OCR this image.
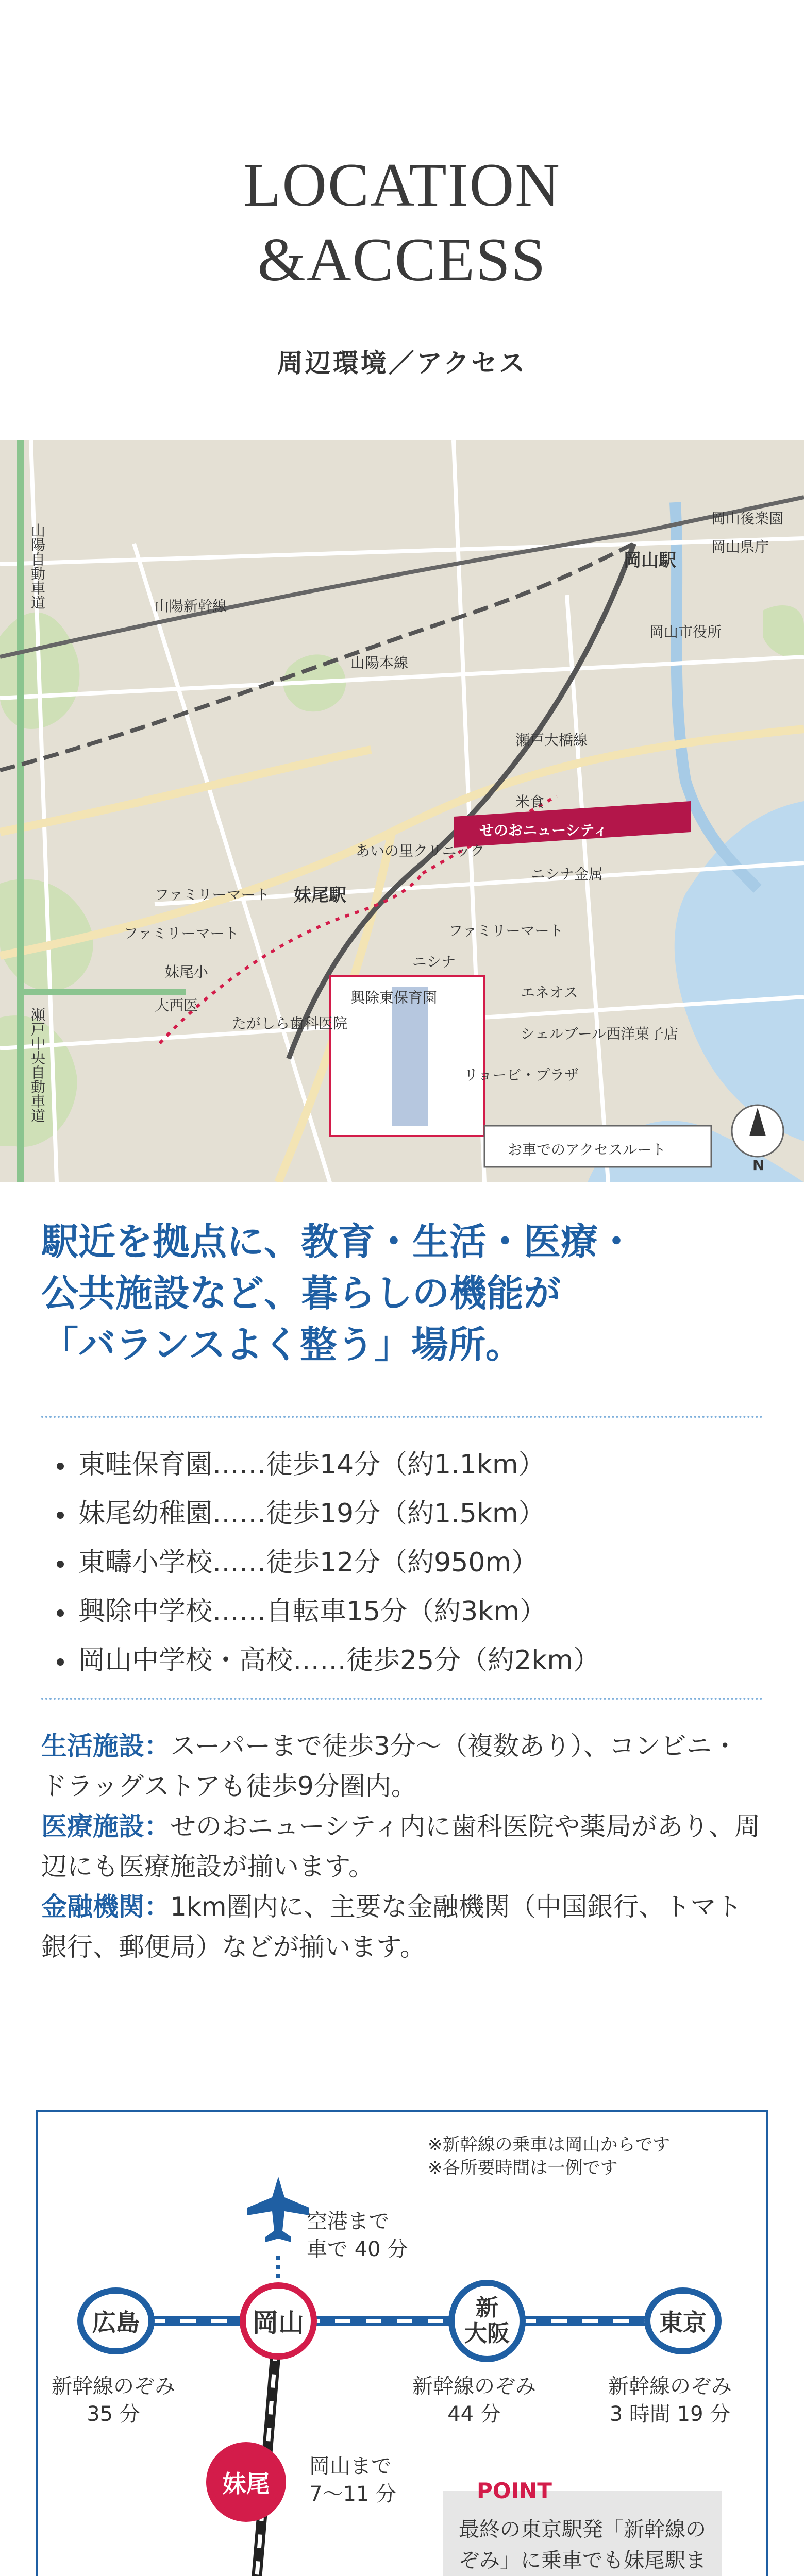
LOCATION
&ACCESS
周辺環境／アクセス
岡山駅
妹尾駅
せのおニューシティ
岡山県庁
岡山市役所
岡山後楽園
ファミリーマート
ファミリーマート	ファミリーマート
妹尾小
大西医
たがしら歯科医院
興除東保育園
ニシナ
ニシナ金属
あいの里クリニック
エネオス
シェルブール西洋菓子店
リョービ・プラザ
米食
瀬戸大橋線
山陽本線
山陽新幹線
山陽自動車道
瀬戸中央自動車道
お車でのアクセスルート
N
駅近を拠点に、教育・生活・医療・
公共施設など、暮らしの機能が
「バランスよく整う」場所。
東畦保育園……徒歩14分（約1.1km）
妹尾幼稚園……徒歩19分（約1.5km）
東疇小学校……徒歩12分（約950m）
興除中学校……自転車15分（約3km）
岡山中学校・高校……徒歩25分（約2km）
生活施設：スーパーまで徒歩3分〜（複数あり）、コンビニ・ドラッグストアも徒歩9分圏内。
医療施設：せのおニューシティ内に歯科医院や薬局があり、周辺にも医療施設が揃います。
金融機関：1km圏内に、主要な金融機関（中国銀行、トマト銀行、郵便局）などが揃います。
※新幹線の乗車は岡山からです
※各所要時間は一例です
空港まで
車で 40 分
広島	岡山
新
大阪	東京
妹尾
新幹線のぞみ
35 分
新幹線のぞみ
44 分
新幹線のぞみ
3 時間 19 分
岡山まで
7〜11 分	POINT
最終の東京駅発「新幹線のぞみ」に乗車でも妹尾駅ま
